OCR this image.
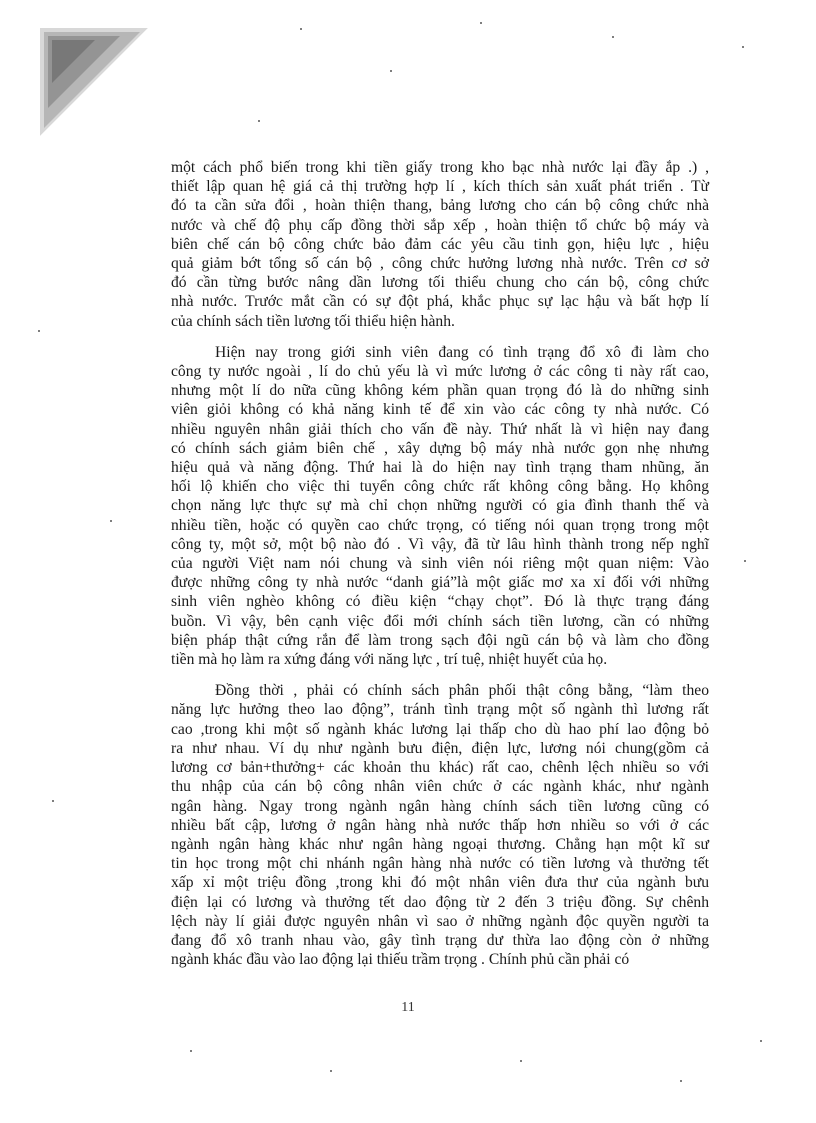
một cách phổ biến trong khi tiền giấy trong kho bạc nhà nước lại đầy ắp .) ,
thiết lập quan hệ giá cả thị trường hợp lí , kích thích sản xuất phát triển . Từ
đó ta cần sửa đổi , hoàn thiện thang, bảng lương cho cán bộ công chức nhà
nước và chế độ phụ cấp đồng thời sắp xếp , hoàn thiện tổ chức bộ máy và
biên chế cán bộ công chức bảo đảm các yêu cầu tinh gọn, hiệu lực , hiệu
quả giảm bớt tổng số cán bộ , công chức hưởng lương nhà nước. Trên cơ sở
đó cần từng bước nâng dần lương tối thiểu chung cho cán bộ, công chức
nhà nước. Trước mắt cần có sự đột phá, khắc phục sự lạc hậu và bất hợp lí
của chính sách tiền lương tối thiểu hiện hành.
Hiện nay trong giới sinh viên đang có tình trạng đổ xô đi làm cho
công ty nước ngoài , lí do chủ yếu là vì mức lương ở các công ti này rất cao,
nhưng một lí do nữa cũng không kém phần quan trọng đó là do những sinh
viên giỏi không có khả năng kinh tế để xin vào các công ty nhà nước. Có
nhiều nguyên nhân giải thích cho vấn đề này. Thứ nhất là vì hiện nay đang
có chính sách giảm biên chế , xây dựng bộ máy nhà nước gọn nhẹ nhưng
hiệu quả và năng động. Thứ hai là do hiện nay tình trạng tham nhũng, ăn
hối lộ khiến cho việc thi tuyển công chức rất không công bằng. Họ không
chọn năng lực thực sự mà chỉ chọn những người có gia đình thanh thế và
nhiều tiền, hoặc có quyền cao chức trọng, có tiếng nói quan trọng trong một
công ty, một sở, một bộ nào đó . Vì vậy, đã từ lâu hình thành trong nếp nghĩ
của người Việt nam nói chung và sinh viên nói riêng một quan niệm: Vào
được những công ty nhà nước “danh giá”là một giấc mơ xa xỉ đối với những
sinh viên nghèo không có điều kiện “chạy chọt”. Đó là thực trạng đáng
buồn. Vì vậy, bên cạnh việc đổi mới chính sách tiền lương, cần có những
biện pháp thật cứng rắn để làm trong sạch đội ngũ cán bộ và làm cho đồng
tiền mà họ làm ra xứng đáng với năng lực , trí tuệ, nhiệt huyết của họ.
Đồng thời , phải có chính sách phân phối thật công bằng, “làm theo
năng lực hưởng theo lao động”, tránh tình trạng một số ngành thì lương rất
cao ,trong khi một số ngành khác lương lại thấp cho dù hao phí lao động bỏ
ra như nhau. Ví dụ như ngành bưu điện, điện lực, lương nói chung(gồm cả
lương cơ bản+thưởng+ các khoản thu khác) rất cao, chênh lệch nhiều so với
thu nhập của cán bộ công nhân viên chức ở các ngành khác, như ngành
ngân hàng. Ngay trong ngành ngân hàng chính sách tiền lương cũng có
nhiều bất cập, lương ở ngân hàng nhà nước thấp hơn nhiều so với ở các
ngành ngân hàng khác như ngân hàng ngoại thương. Chẳng hạn một kĩ sư
tin học trong một chi nhánh ngân hàng nhà nước có tiền lương và thưởng tết
xấp xỉ một triệu đồng ,trong khi đó một nhân viên đưa thư của ngành bưu
điện lại có lương và thưởng tết dao động từ 2 đến 3 triệu đồng. Sự chênh
lệch này lí giải được nguyên nhân vì sao ở những ngành độc quyền người ta
đang đổ xô tranh nhau vào, gây tình trạng dư thừa lao động còn ở những
ngành khác đầu vào lao động lại thiếu trầm trọng . Chính phủ cần phải có
11
